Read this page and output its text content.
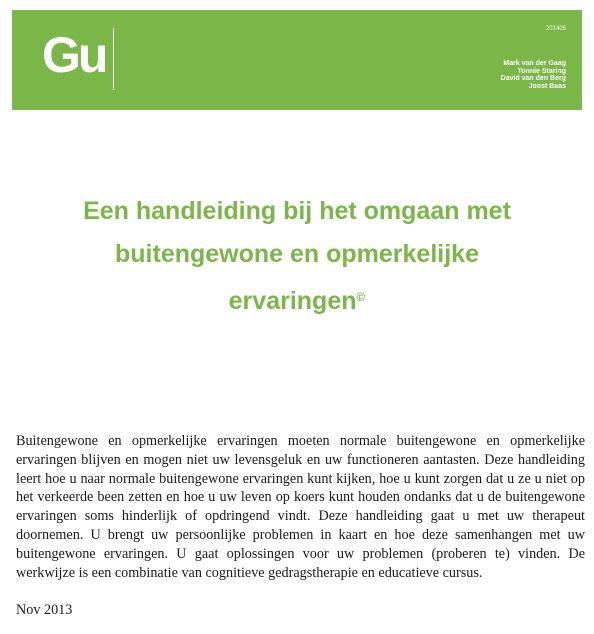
Gu	201405
Mark van der Gaag
Tonnie Staring
David van den Berg
Joost Baas
Een handleiding bij het omgaan met
buitengewone en opmerkelijke
ervaringen©

Buitengewone en opmerkelijke ervaringen moeten normale buitengewone en opmerkelijke ervaringen blijven en mogen niet uw levensgeluk en uw functioneren aantasten. Deze handleiding leert hoe u naar normale buitengewone ervaringen kunt kijken, hoe u kunt zorgen dat u ze u niet op het verkeerde been zetten en hoe u uw leven op koers kunt houden ondanks dat u de buitengewone ervaringen soms hinderlijk of opdringend vindt. Deze handleiding gaat u met uw therapeut doornemen. U brengt uw persoonlijke problemen in kaart en hoe deze samenhangen met uw buitengewone ervaringen. U gaat oplossingen voor uw problemen (proberen te) vinden. De werkwijze is een combinatie van cognitieve gedragstherapie en educatieve cursus.

Nov 2013
